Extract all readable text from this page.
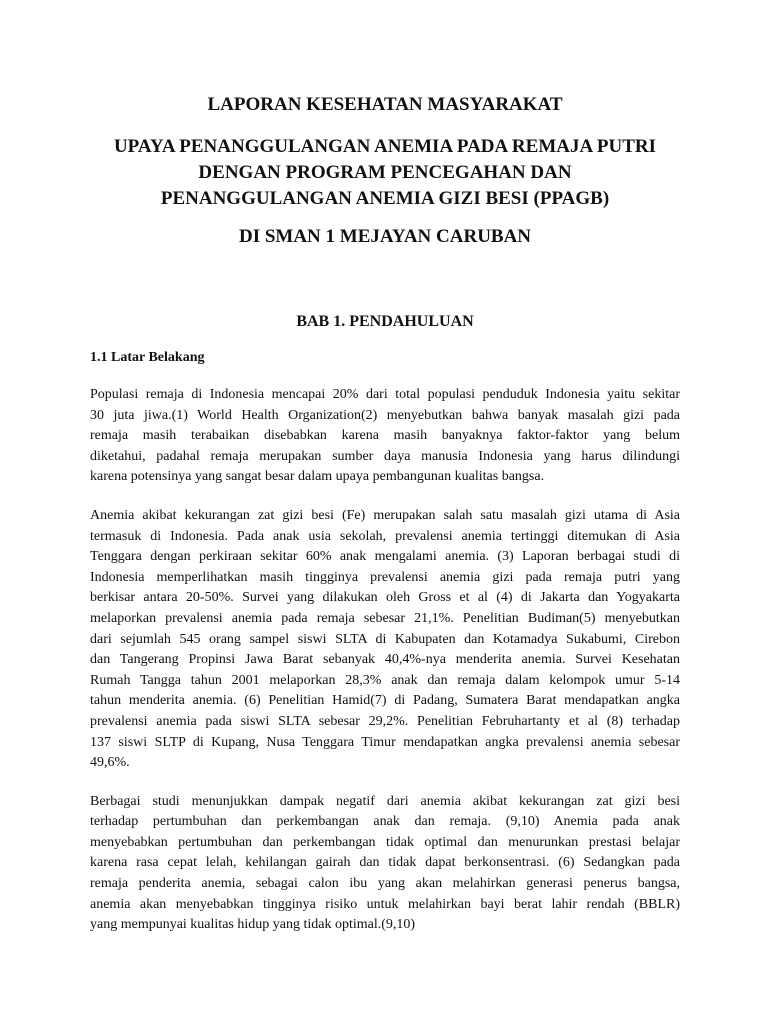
LAPORAN KESEHATAN MASYARAKAT
UPAYA PENANGGULANGAN ANEMIA PADA REMAJA PUTRI
DENGAN PROGRAM PENCEGAHAN DAN
PENANGGULANGAN ANEMIA GIZI BESI (PPAGB)
DI SMAN 1 MEJAYAN CARUBAN
BAB 1. PENDAHULUAN
1.1 Latar Belakang
Populasi remaja di Indonesia mencapai 20% dari total populasi penduduk Indonesia yaitu sekitar
30 juta jiwa.(1) World Health Organization(2) menyebutkan bahwa banyak masalah gizi pada
remaja masih terabaikan disebabkan karena masih banyaknya faktor-faktor yang belum
diketahui, padahal remaja merupakan sumber daya manusia Indonesia yang harus dilindungi
karena potensinya yang sangat besar dalam upaya pembangunan kualitas bangsa.
Anemia akibat kekurangan zat gizi besi (Fe) merupakan salah satu masalah gizi utama di Asia
termasuk di Indonesia. Pada anak usia sekolah, prevalensi anemia tertinggi ditemukan di Asia
Tenggara dengan perkiraan sekitar 60% anak mengalami anemia. (3) Laporan berbagai studi di
Indonesia memperlihatkan masih tingginya prevalensi anemia gizi pada remaja putri yang
berkisar antara 20-50%. Survei yang dilakukan oleh Gross et al (4) di Jakarta dan Yogyakarta
melaporkan prevalensi anemia pada remaja sebesar 21,1%. Penelitian Budiman(5) menyebutkan
dari sejumlah 545 orang sampel siswi SLTA di Kabupaten dan Kotamadya Sukabumi, Cirebon
dan Tangerang Propinsi Jawa Barat sebanyak 40,4%-nya menderita anemia. Survei Kesehatan
Rumah Tangga tahun 2001 melaporkan 28,3% anak dan remaja dalam kelompok umur 5-14
tahun menderita anemia. (6) Penelitian Hamid(7) di Padang, Sumatera Barat mendapatkan angka
prevalensi anemia pada siswi SLTA sebesar 29,2%. Penelitian Februhartanty et al (8) terhadap
137 siswi SLTP di Kupang, Nusa Tenggara Timur mendapatkan angka prevalensi anemia sebesar
49,6%.
Berbagai studi menunjukkan dampak negatif dari anemia akibat kekurangan zat gizi besi
terhadap pertumbuhan dan perkembangan anak dan remaja. (9,10) Anemia pada anak
menyebabkan pertumbuhan dan perkembangan tidak optimal dan menurunkan prestasi belajar
karena rasa cepat lelah, kehilangan gairah dan tidak dapat berkonsentrasi. (6) Sedangkan pada
remaja penderita anemia, sebagai calon ibu yang akan melahirkan generasi penerus bangsa,
anemia akan menyebabkan tingginya risiko untuk melahirkan bayi berat lahir rendah (BBLR)
yang mempunyai kualitas hidup yang tidak optimal.(9,10)
